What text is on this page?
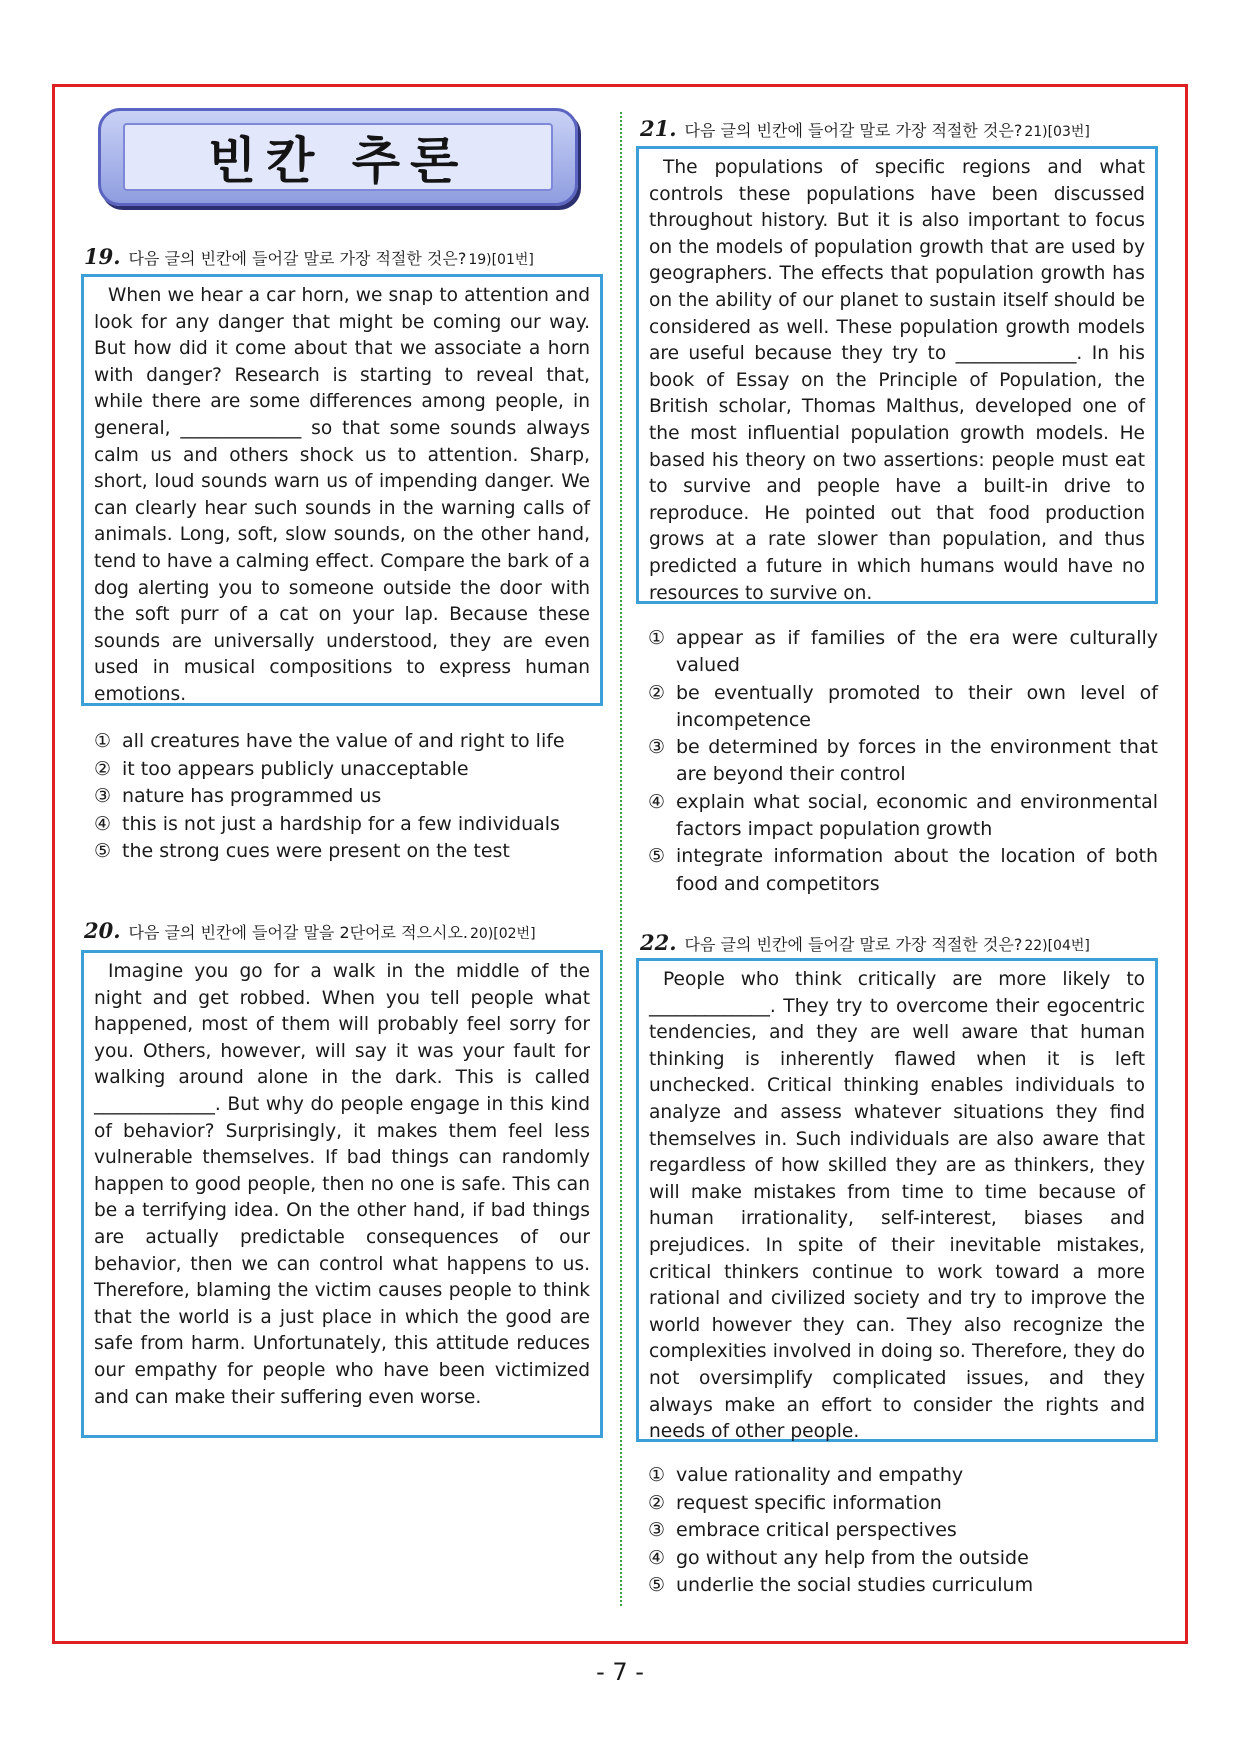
빈칸 추론
19. 다음 글의 빈칸에 들어갈 말로 가장 적절한 것은? 19)[01번]
When we hear a car horn, we snap to attention and look for any danger that might be coming our way. But how did it come about that we associate a horn with danger? Research is starting to reveal that, while there are some differences among people, in general, _____________ so that some sounds always calm us and others shock us to attention. Sharp, short, loud sounds warn us of impending danger. We can clearly hear such sounds in the warning calls of animals. Long, soft, slow sounds, on the other hand, tend to have a calming effect. Compare the bark of a dog alerting you to someone outside the door with the soft purr of a cat on your lap. Because these sounds are universally understood, they are even used in musical compositions to express human emotions.
① all creatures have the value of and right to life
② it too appears publicly unacceptable
③ nature has programmed us
④ this is not just a hardship for a few individuals
⑤ the strong cues were present on the test
20. 다음 글의 빈칸에 들어갈 말을 2단어로 적으시오. 20)[02번]
Imagine you go for a walk in the middle of the night and get robbed. When you tell people what happened, most of them will probably feel sorry for you. Others, however, will say it was your fault for walking around alone in the dark. This is called _____________. But why do people engage in this kind of behavior? Surprisingly, it makes them feel less vulnerable themselves. If bad things can randomly happen to good people, then no one is safe. This can be a terrifying idea. On the other hand, if bad things are actually predictable consequences of our behavior, then we can control what happens to us. Therefore, blaming the victim causes people to think that the world is a just place in which the good are safe from harm. Unfortunately, this attitude reduces our empathy for people who have been victimized and can make their suffering even worse.
21. 다음 글의 빈칸에 들어갈 말로 가장 적절한 것은? 21)[03번]
The populations of specific regions and what controls these populations have been discussed throughout history. But it is also important to focus on the models of population growth that are used by geographers. The effects that population growth has on the ability of our planet to sustain itself should be considered as well. These population growth models are useful because they try to _____________. In his book of Essay on the Principle of Population, the British scholar, Thomas Malthus, developed one of the most influential population growth models. He based his theory on two assertions: people must eat to survive and people have a built-in drive to reproduce. He pointed out that food production grows at a rate slower than population, and thus predicted a future in which humans would have no resources to survive on.
① appear as if families of the era were culturally valued
② be eventually promoted to their own level of incompetence
③ be determined by forces in the environment that are beyond their control
④ explain what social, economic and environmental factors impact population growth
⑤ integrate information about the location of both food and competitors
22. 다음 글의 빈칸에 들어갈 말로 가장 적절한 것은? 22)[04번]
People who think critically are more likely to _____________. They try to overcome their egocentric tendencies, and they are well aware that human thinking is inherently flawed when it is left unchecked. Critical thinking enables individuals to analyze and assess whatever situations they find themselves in. Such individuals are also aware that regardless of how skilled they are as thinkers, they will make mistakes from time to time because of human irrationality, self-interest, biases and prejudices. In spite of their inevitable mistakes, critical thinkers continue to work toward a more rational and civilized society and try to improve the world however they can. They also recognize the complexities involved in doing so. Therefore, they do not oversimplify complicated issues, and they always make an effort to consider the rights and needs of other people.
① value rationality and empathy
② request specific information
③ embrace critical perspectives
④ go without any help from the outside
⑤ underlie the social studies curriculum
- 7 -
